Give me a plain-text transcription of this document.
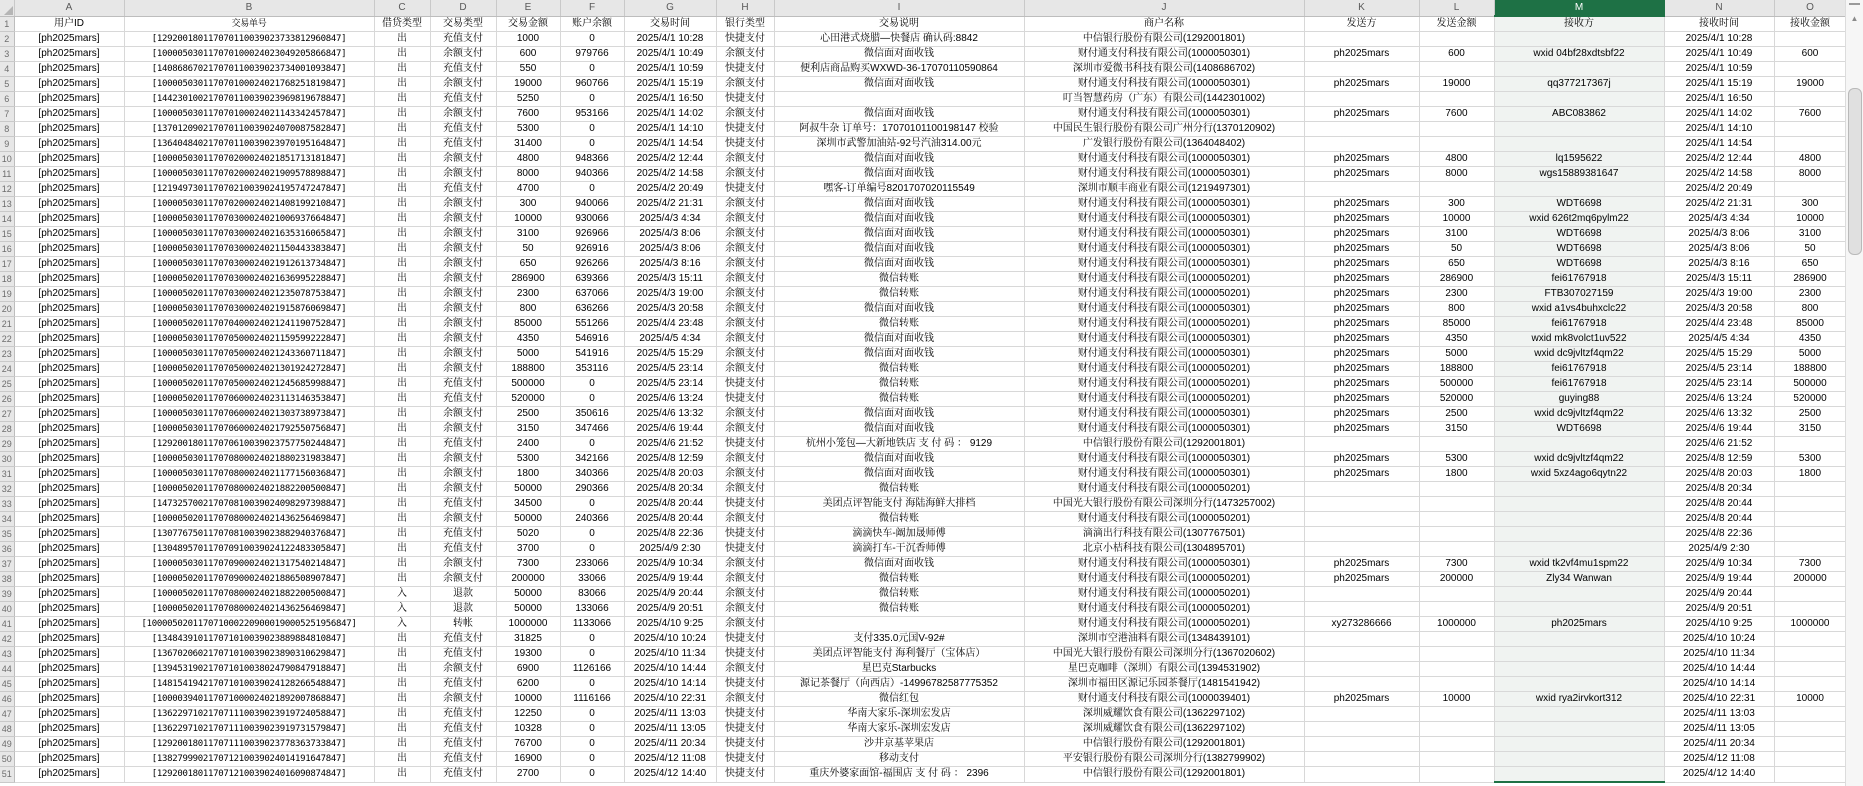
	A	B	C	D	E	F	G	H	I	J	K	L	M	N	O
1	用户ID	交易单号	借贷类型	交易类型	交易金额	账户余额	交易时间	银行类型	交易说明	商户名称	发送方	发送金额	接收方	接收时间	接收金额
2	[ph2025mars]	[129200180117070110039023733812960847]	出	充值支付	1000	0	2025/4/1 10:28	快捷支付	心田港式烧腊—快餐店 确认码:8842	中信银行股份有限公司(1292001801)				2025/4/1 10:28	
3	[ph2025mars]	[100005030117070100024023049205866847]	出	余额支付	600	979766	2025/4/1 10:49	余额支付	微信面对面收钱	财付通支付科技有限公司(1000050301)	ph2025mars	600	wxid 04bf28xdtsbf22	2025/4/1 10:49	600
4	[ph2025mars]	[140868670217070110039023734001093847]	出	充值支付	550	0	2025/4/1 10:59	快捷支付	便利店商品购买WXWD-36-17070110590864	深圳市爱微书科技有限公司(1408686702)				2025/4/1 10:59	
5	[ph2025mars]	[100005030117070100024021768251819847]	出	余额支付	19000	960766	2025/4/1 15:19	余额支付	微信面对面收钱	财付通支付科技有限公司(1000050301)	ph2025mars	19000	qq377217367j	2025/4/1 15:19	19000
6	[ph2025mars]	[144230100217070110039023969819678847]	出	充值支付	5250	0	2025/4/1 16:50	快捷支付		叮当智慧药房（广东）有限公司(1442301002)				2025/4/1 16:50	
7	[ph2025mars]	[100005030117070100024021143342457847]	出	余额支付	7600	953166	2025/4/1 14:02	余额支付	微信面对面收钱	财付通支付科技有限公司(1000050301)	ph2025mars	7600	ABC083862	2025/4/1 14:02	7600
8	[ph2025mars]	[137012090217070110039024070087582847]	出	充值支付	5300	0	2025/4/1 14:10	快捷支付	阿叔牛杂 订单号：17070101100198147 校验	中国民生银行股份有限公司广州分行(1370120902)				2025/4/1 14:10	
9	[ph2025mars]	[136404840217070110039023970195164847]	出	充值支付	31400	0	2025/4/1 14:54	快捷支付	深圳市武警加油站-92号汽油314.00元	广发银行股份有限公司(1364048402)				2025/4/1 14:54	
10	[ph2025mars]	[100005030117070200024021851713181847]	出	余额支付	4800	948366	2025/4/2 12:44	余额支付	微信面对面收钱	财付通支付科技有限公司(1000050301)	ph2025mars	4800	lq1595622	2025/4/2 12:44	4800
11	[ph2025mars]	[100005030117070200024021909578898847]	出	余额支付	8000	940366	2025/4/2 14:58	余额支付	微信面对面收钱	财付通支付科技有限公司(1000050301)	ph2025mars	8000	wgs15889381647	2025/4/2 14:58	8000
12	[ph2025mars]	[121949730117070210039024195747247847]	出	充值支付	4700	0	2025/4/2 20:49	快捷支付	嘿客-订单编号8201707020115549	深圳市顺丰商业有限公司(1219497301)				2025/4/2 20:49	
13	[ph2025mars]	[100005030117070200024021408199210847]	出	余额支付	300	940066	2025/4/2 21:31	余额支付	微信面对面收钱	财付通支付科技有限公司(1000050301)	ph2025mars	300	WDT6698	2025/4/2 21:31	300
14	[ph2025mars]	[100005030117070300024021006937664847]	出	余额支付	10000	930066	2025/4/3 4:34	余额支付	微信面对面收钱	财付通支付科技有限公司(1000050301)	ph2025mars	10000	wxid 626t2mq6pylm22	2025/4/3 4:34	10000
15	[ph2025mars]	[100005030117070300024021635316065847]	出	余额支付	3100	926966	2025/4/3 8:06	余额支付	微信面对面收钱	财付通支付科技有限公司(1000050301)	ph2025mars	3100	WDT6698	2025/4/3 8:06	3100
16	[ph2025mars]	[100005030117070300024021150443383847]	出	余额支付	50	926916	2025/4/3 8:06	余额支付	微信面对面收钱	财付通支付科技有限公司(1000050301)	ph2025mars	50	WDT6698	2025/4/3 8:06	50
17	[ph2025mars]	[100005030117070300024021912613734847]	出	余额支付	650	926266	2025/4/3 8:16	余额支付	微信面对面收钱	财付通支付科技有限公司(1000050301)	ph2025mars	650	WDT6698	2025/4/3 8:16	650
18	[ph2025mars]	[100005020117070300024021636995228847]	出	余额支付	286900	639366	2025/4/3 15:11	余额支付	微信转账	财付通支付科技有限公司(1000050201)	ph2025mars	286900	fei61767918	2025/4/3 15:11	286900
19	[ph2025mars]	[100005020117070300024021235078753847]	出	余额支付	2300	637066	2025/4/3 19:00	余额支付	微信转账	财付通支付科技有限公司(1000050201)	ph2025mars	2300	FTB307027159	2025/4/3 19:00	2300
20	[ph2025mars]	[100005030117070300024021915876069847]	出	余额支付	800	636266	2025/4/3 20:58	余额支付	微信面对面收钱	财付通支付科技有限公司(1000050301)	ph2025mars	800	wxid a1vs4buhxclc22	2025/4/3 20:58	800
21	[ph2025mars]	[100005020117070400024021241190752847]	出	余额支付	85000	551266	2025/4/4 23:48	余额支付	微信转账	财付通支付科技有限公司(1000050201)	ph2025mars	85000	fei61767918	2025/4/4 23:48	85000
22	[ph2025mars]	[100005030117070500024021159599222847]	出	余额支付	4350	546916	2025/4/5 4:34	余额支付	微信面对面收钱	财付通支付科技有限公司(1000050301)	ph2025mars	4350	wxid mk8volct1uv522	2025/4/5 4:34	4350
23	[ph2025mars]	[100005030117070500024021243360711847]	出	余额支付	5000	541916	2025/4/5 15:29	余额支付	微信面对面收钱	财付通支付科技有限公司(1000050301)	ph2025mars	5000	wxid dc9jvltzf4qm22	2025/4/5 15:29	5000
24	[ph2025mars]	[100005020117070500024021301924272847]	出	余额支付	188800	353116	2025/4/5 23:14	余额支付	微信转账	财付通支付科技有限公司(1000050201)	ph2025mars	188800	fei61767918	2025/4/5 23:14	188800
25	[ph2025mars]	[100005020117070500024021245685998847]	出	充值支付	500000	0	2025/4/5 23:14	快捷支付	微信转账	财付通支付科技有限公司(1000050201)	ph2025mars	500000	fei61767918	2025/4/5 23:14	500000
26	[ph2025mars]	[100005020117070600024023113146353847]	出	充值支付	520000	0	2025/4/6 13:24	快捷支付	微信转账	财付通支付科技有限公司(1000050201)	ph2025mars	520000	guying88	2025/4/6 13:24	520000
27	[ph2025mars]	[100005030117070600024021303738973847]	出	余额支付	2500	350616	2025/4/6 13:32	余额支付	微信面对面收钱	财付通支付科技有限公司(1000050301)	ph2025mars	2500	wxid dc9jvltzf4qm22	2025/4/6 13:32	2500
28	[ph2025mars]	[100005030117070600024021792550756847]	出	余额支付	3150	347466	2025/4/6 19:44	余额支付	微信面对面收钱	财付通支付科技有限公司(1000050301)	ph2025mars	3150	WDT6698	2025/4/6 19:44	3150
29	[ph2025mars]	[129200180117070610039023757750244847]	出	充值支付	2400	0	2025/4/6 21:52	快捷支付	杭州小笼包—大新地铁店 支 付 码 ： 9129	中信银行股份有限公司(1292001801)				2025/4/6 21:52	
30	[ph2025mars]	[100005030117070800024021880231983847]	出	余额支付	5300	342166	2025/4/8 12:59	余额支付	微信面对面收钱	财付通支付科技有限公司(1000050301)	ph2025mars	5300	wxid dc9jvltzf4qm22	2025/4/8 12:59	5300
31	[ph2025mars]	[100005030117070800024021177156036847]	出	余额支付	1800	340366	2025/4/8 20:03	余额支付	微信面对面收钱	财付通支付科技有限公司(1000050301)	ph2025mars	1800	wxid 5xz4ago6qytn22	2025/4/8 20:03	1800
32	[ph2025mars]	[100005020117070800024021882200500847]	出	余额支付	50000	290366	2025/4/8 20:34	余额支付	微信转账	财付通支付科技有限公司(1000050201)				2025/4/8 20:34	
33	[ph2025mars]	[147325700217070810039024098297398847]	出	充值支付	34500	0	2025/4/8 20:44	快捷支付	美团点评智能支付 海陆海鲜大排档	中国光大银行股份有限公司深圳分行(1473257002)				2025/4/8 20:44	
34	[ph2025mars]	[100005020117070800024021436256469847]	出	余额支付	50000	240366	2025/4/8 20:44	余额支付	微信转账	财付通支付科技有限公司(1000050201)				2025/4/8 20:44	
35	[ph2025mars]	[130776750117070810039023882940376847]	出	充值支付	5020	0	2025/4/8 22:36	快捷支付	滴滴快车-阚加晟师傅	滴滴出行科技有限公司(1307767501)				2025/4/8 22:36	
36	[ph2025mars]	[130489570117070910039024122483305847]	出	充值支付	3700	0	2025/4/9 2:30	快捷支付	滴滴打车-干沉香师傅	北京小桔科技有限公司(1304895701)				2025/4/9 2:30	
37	[ph2025mars]	[100005030117070900024021317540214847]	出	余额支付	7300	233066	2025/4/9 10:34	余额支付	微信面对面收钱	财付通支付科技有限公司(1000050301)	ph2025mars	7300	wxid tk2vf4mu1spm22	2025/4/9 10:34	7300
38	[ph2025mars]	[100005020117070900024021886508907847]	出	余额支付	200000	33066	2025/4/9 19:44	余额支付	微信转账	财付通支付科技有限公司(1000050201)	ph2025mars	200000	Zly34 Wanwan	2025/4/9 19:44	200000
39	[ph2025mars]	[100005020117070800024021882200500847]	入	退款	50000	83066	2025/4/9 20:44	余额支付	微信转账	财付通支付科技有限公司(1000050201)				2025/4/9 20:44	
40	[ph2025mars]	[100005020117070800024021436256469847]	入	退款	50000	133066	2025/4/9 20:51	余额支付	微信转账	财付通支付科技有限公司(1000050201)				2025/4/9 20:51	
41	[ph2025mars]	[1000050201170710002209000190005251956847]	入	转帐	1000000	1133066	2025/4/10 9:25	余额支付		财付通支付科技有限公司(1000050201)	xy273286666	1000000	ph2025mars	2025/4/10 9:25	1000000
42	[ph2025mars]	[134843910117071010039023889884810847]	出	充值支付	31825	0	2025/4/10 10:24	快捷支付	支付335.0元国V-92#	深圳市空港油料有限公司(1348439101)				2025/4/10 10:24	
43	[ph2025mars]	[136702060217071010039023890310629847]	出	充值支付	19300	0	2025/4/10 11:34	快捷支付	美团点评智能支付 海利餐厅（宝体店）	中国光大银行股份有限公司深圳分行(1367020602)				2025/4/10 11:34	
44	[ph2025mars]	[139453190217071010038024790847918847]	出	余额支付	6900	1126166	2025/4/10 14:44	余额支付	星巴克Starbucks	星巴克咖啡（深圳）有限公司(1394531902)				2025/4/10 14:44	
45	[ph2025mars]	[148154194217071010039024128266548847]	出	充值支付	6200	0	2025/4/10 14:14	快捷支付	源记茶餐厅（向西店）-14996782587775352	深圳市福田区源记乐园茶餐厅(1481541942)				2025/4/10 14:14	
46	[ph2025mars]	[100003940117071000024021892007868847]	出	余额支付	10000	1116166	2025/4/10 22:31	余额支付	微信红包	财付通支付科技有限公司(1000039401)	ph2025mars	10000	wxid rya2irvkort312	2025/4/10 22:31	10000
47	[ph2025mars]	[136229710217071110039023919724058847]	出	充值支付	12250	0	2025/4/11 13:03	快捷支付	华南大家乐-深圳宏发店	深圳威耀饮食有限公司(1362297102)				2025/4/11 13:03	
48	[ph2025mars]	[136229710217071110039023919731579847]	出	充值支付	10328	0	2025/4/11 13:05	快捷支付	华南大家乐-深圳宏发店	深圳威耀饮食有限公司(1362297102)				2025/4/11 13:05	
49	[ph2025mars]	[129200180117071110039023778363733847]	出	充值支付	76700	0	2025/4/11 20:34	快捷支付	沙井京基苹果店	中信银行股份有限公司(1292001801)				2025/4/11 20:34	
50	[ph2025mars]	[138279990217071210039024014191647847]	出	充值支付	16900	0	2025/4/12 11:08	快捷支付	移动支付	平安银行股份有限公司深圳分行(1382799902)				2025/4/12 11:08	
51	[ph2025mars]	[129200180117071210039024016090874847]	出	充值支付	2700	0	2025/4/12 14:40	快捷支付	重庆外婆家面馆-福围店 支 付 码 ： 2396	中信银行股份有限公司(1292001801)				2025/4/12 14:40	
▲
